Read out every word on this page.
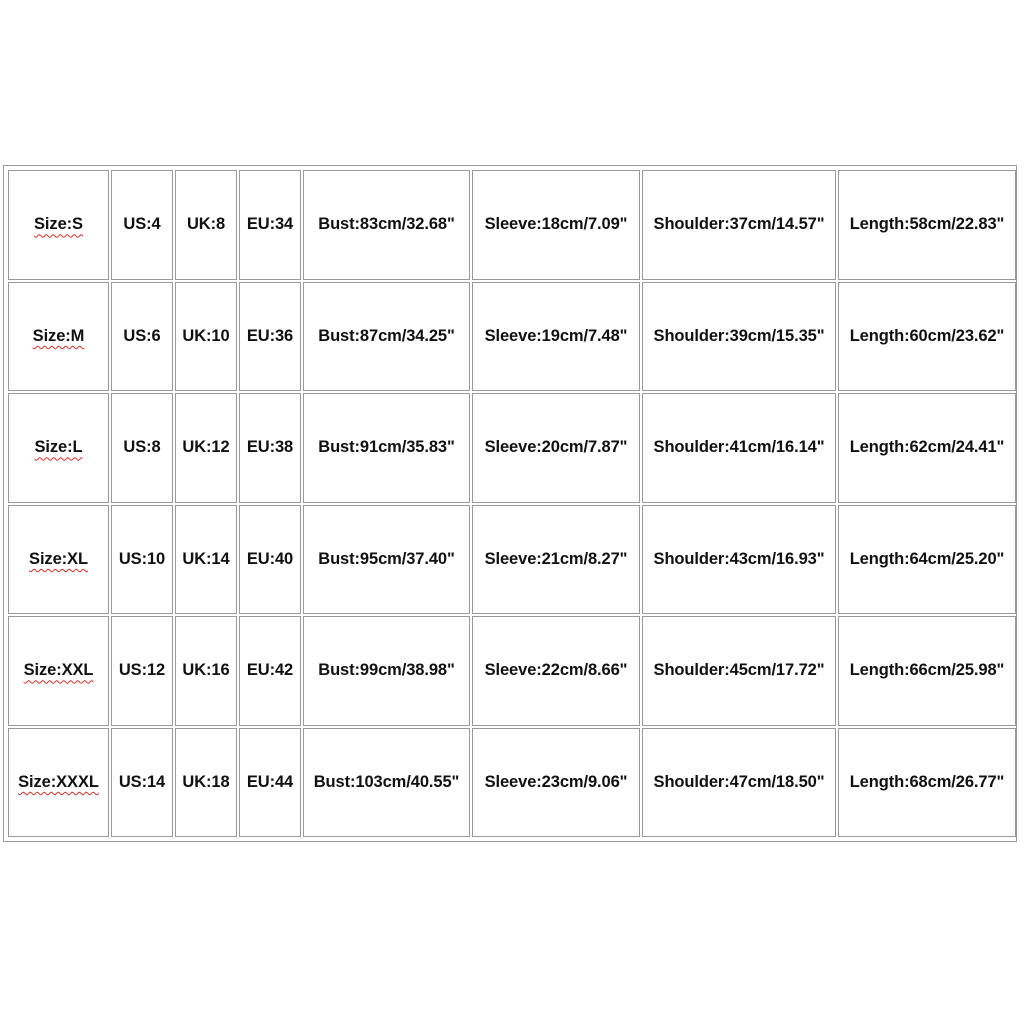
Size:S	US:4	UK:8	EU:34	Bust:83cm/32.68"	Sleeve:18cm/7.09"	Shoulder:37cm/14.57"	Length:58cm/22.83"
Size:M	US:6	UK:10	EU:36	Bust:87cm/34.25"	Sleeve:19cm/7.48"	Shoulder:39cm/15.35"	Length:60cm/23.62"
Size:L	US:8	UK:12	EU:38	Bust:91cm/35.83"	Sleeve:20cm/7.87"	Shoulder:41cm/16.14"	Length:62cm/24.41"
Size:XL	US:10	UK:14	EU:40	Bust:95cm/37.40"	Sleeve:21cm/8.27"	Shoulder:43cm/16.93"	Length:64cm/25.20"
Size:XXL	US:12	UK:16	EU:42	Bust:99cm/38.98"	Sleeve:22cm/8.66"	Shoulder:45cm/17.72"	Length:66cm/25.98"
Size:XXXL	US:14	UK:18	EU:44	Bust:103cm/40.55"	Sleeve:23cm/9.06"	Shoulder:47cm/18.50"	Length:68cm/26.77"
